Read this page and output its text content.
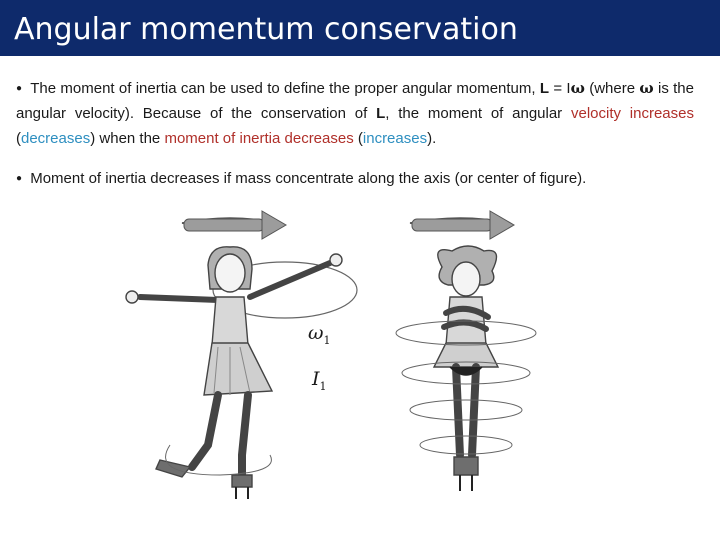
Angular momentum conservation
● The moment of inertia can be used to define the proper angular momentum, L = Iω (where ω is the angular velocity). Because of the conservation of L, the moment of angular velocity increases (decreases) when the moment of inertia decreases (increases).
● Moment of inertia decreases if mass concentrate along the axis (or center of figure).
$\omega_1$
$I_1$
